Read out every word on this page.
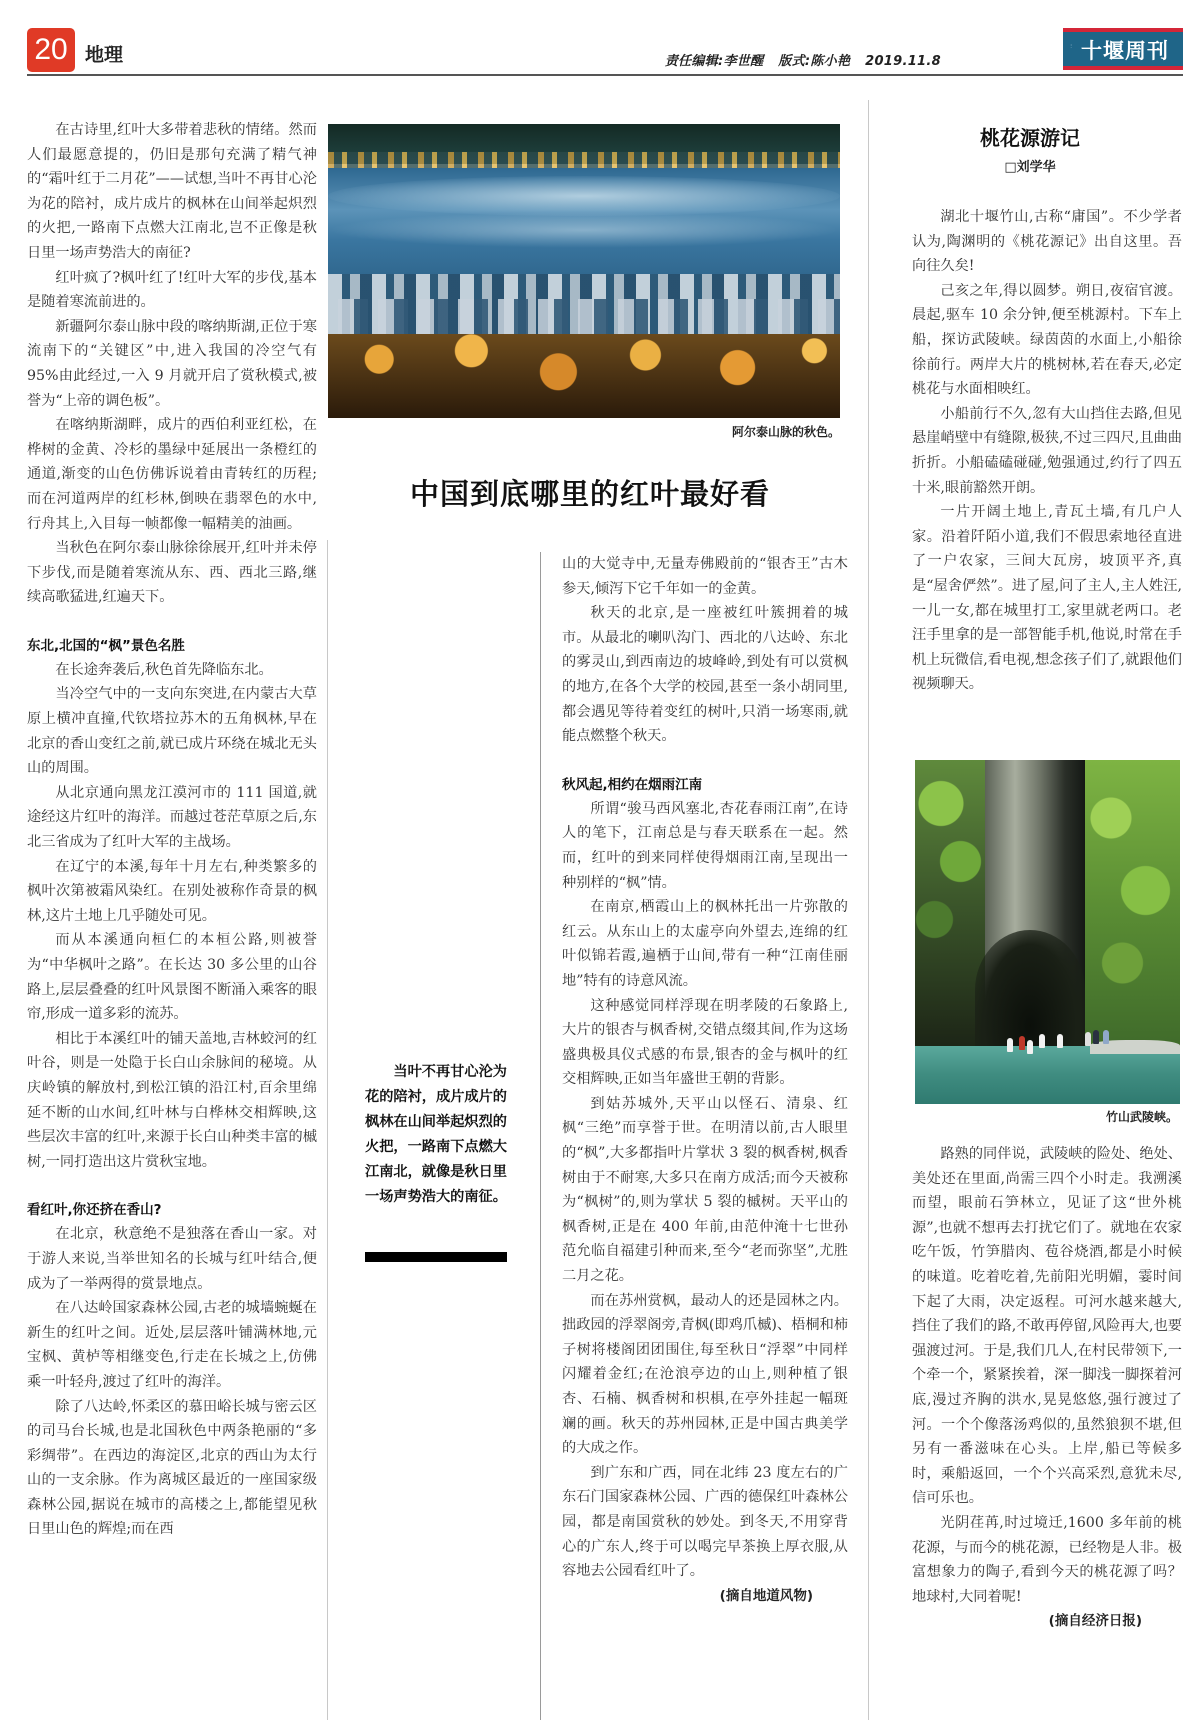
20 地理	责任编辑:李世醒 版式:陈小艳 2019.11.8
⋮ 十堰周刊

在古诗里,红叶大多带着悲秋的情绪。然而人们最愿意提的，仍旧是那句充满了精气神的“霜叶红于二月花”——试想,当叶不再甘心沦为花的陪衬，成片成片的枫林在山间举起炽烈的火把,一路南下点燃大江南北,岂不正像是秋日里一场声势浩大的南征?

红叶疯了?枫叶红了!红叶大军的步伐,基本是随着寒流前进的。

新疆阿尔泰山脉中段的喀纳斯湖,正位于寒流南下的“关键区”中,进入我国的冷空气有 95%由此经过,一入 9 月就开启了赏秋模式,被誉为“上帝的调色板”。

在喀纳斯湖畔，成片的西伯利亚红松，在桦树的金黄、冷杉的墨绿中延展出一条橙红的通道,渐变的山色仿佛诉说着由青转红的历程;而在河道两岸的红杉林,倒映在翡翠色的水中,行舟其上,入目每一帧都像一幅精美的油画。

当秋色在阿尔泰山脉徐徐展开,红叶并未停下步伐,而是随着寒流从东、西、西北三路,继续高歌猛进,红遍天下。

东北,北国的“枫”景色名胜

在长途奔袭后,秋色首先降临东北。

当冷空气中的一支向东突进,在内蒙古大草原上横冲直撞,代钦塔拉苏木的五角枫林,早在北京的香山变红之前,就已成片环绕在城北无头山的周围。

从北京通向黑龙江漠河市的 111 国道,就途经这片红叶的海洋。而越过苍茫草原之后,东北三省成为了红叶大军的主战场。

在辽宁的本溪,每年十月左右,种类繁多的枫叶次第被霜风染红。在别处被称作奇景的枫林,这片土地上几乎随处可见。

而从本溪通向桓仁的本桓公路,则被誉为“中华枫叶之路”。在长达 30 多公里的山谷路上,层层叠叠的红叶风景图不断涌入乘客的眼帘,形成一道多彩的流苏。

相比于本溪红叶的铺天盖地,吉林蛟河的红叶谷，则是一处隐于长白山余脉间的秘境。从庆岭镇的解放村,到松江镇的沿江村,百余里绵延不断的山水间,红叶林与白桦林交相辉映,这些层次丰富的红叶,来源于长白山种类丰富的槭树,一同打造出这片赏秋宝地。

看红叶,你还挤在香山?

在北京，秋意绝不是独落在香山一家。对于游人来说,当举世知名的长城与红叶结合,便成为了一举两得的赏景地点。

在八达岭国家森林公园,古老的城墙蜿蜒在新生的红叶之间。近处,层层落叶铺满林地,元宝枫、黄栌等相继变色,行走在长城之上,仿佛乘一叶轻舟,渡过了红叶的海洋。

除了八达岭,怀柔区的慕田峪长城与密云区的司马台长城,也是北国秋色中两条艳丽的“多彩绸带”。在西边的海淀区,北京的西山为太行山的一支余脉。作为离城区最近的一座国家级森林公园,据说在城市的高楼之上,都能望见秋日里山色的辉煌;而在西

阿尔泰山脉的秋色。
中国到底哪里的红叶最好看
当叶不再甘心沦为花的陪衬，成片成片的枫林在山间举起炽烈的火把，一路南下点燃大江南北，就像是秋日里一场声势浩大的南征。

山的大觉寺中,无量寿佛殿前的“银杏王”古木参天,倾泻下它千年如一的金黄。

秋天的北京,是一座被红叶簇拥着的城市。从最北的喇叭沟门、西北的八达岭、东北的雾灵山,到西南边的坡峰岭,到处有可以赏枫的地方,在各个大学的校园,甚至一条小胡同里,都会遇见等待着变红的树叶,只消一场寒雨,就能点燃整个秋天。

秋风起,相约在烟雨江南

所谓“骏马西风塞北,杏花春雨江南”,在诗人的笔下，江南总是与春天联系在一起。然而，红叶的到来同样使得烟雨江南,呈现出一种别样的“枫”情。

在南京,栖霞山上的枫林托出一片弥散的红云。从东山上的太虚亭向外望去,连绵的红叶似锦若霞,遍栖于山间,带有一种“江南佳丽地”特有的诗意风流。

这种感觉同样浮现在明孝陵的石象路上,大片的银杏与枫香树,交错点缀其间,作为这场盛典极具仪式感的布景,银杏的金与枫叶的红交相辉映,正如当年盛世王朝的背影。

到姑苏城外,天平山以怪石、清泉、红枫“三绝”而享誉于世。在明清以前,古人眼里的“枫”,大多都指叶片掌状 3 裂的枫香树,枫香树由于不耐寒,大多只在南方成活;而今天被称为“枫树”的,则为掌状 5 裂的槭树。天平山的枫香树,正是在 400 年前,由范仲淹十七世孙范允临自福建引种而来,至今“老而弥坚”,尤胜二月之花。

而在苏州赏枫，最动人的还是园林之内。拙政园的浮翠阁旁,青枫(即鸡爪槭)、梧桐和柿子树将楼阁团团围住,每至秋日“浮翠”中同样闪耀着金红;在沧浪亭边的山上,则种植了银杏、石楠、枫香树和枳椇,在亭外挂起一幅斑斓的画。秋天的苏州园林,正是中国古典美学的大成之作。

到广东和广西，同在北纬 23 度左右的广东石门国家森林公园、广西的德保红叶森林公园，都是南国赏秋的妙处。到冬天,不用穿背心的广东人,终于可以喝完早茶换上厚衣服,从容地去公园看红叶了。

(摘自地道风物)

桃花源游记
□刘学华

湖北十堰竹山,古称“庸国”。不少学者认为,陶渊明的《桃花源记》出自这里。吾向往久矣!

己亥之年,得以圆梦。朔日,夜宿官渡。晨起,驱车 10 余分钟,便至桃源村。下车上船，探访武陵峡。绿茵茵的水面上,小船徐徐前行。两岸大片的桃树林,若在春天,必定桃花与水面相映红。

小船前行不久,忽有大山挡住去路,但见悬崖峭壁中有缝隙,极狭,不过三四尺,且曲曲折折。小船磕磕碰碰,勉强通过,约行了四五十米,眼前豁然开朗。

一片开阔土地上,青瓦土墙,有几户人家。沿着阡陌小道,我们不假思索地径直进了一户农家，三间大瓦房，坡顶平齐,真是“屋舍俨然”。进了屋,问了主人,主人姓汪,一儿一女,都在城里打工,家里就老两口。老汪手里拿的是一部智能手机,他说,时常在手机上玩微信,看电视,想念孩子们了,就跟他们视频聊天。

竹山武陵峡。

路熟的同伴说，武陵峡的险处、绝处、美处还在里面,尚需三四个小时走。我溯溪而望，眼前石笋林立，见证了这“世外桃源”,也就不想再去打扰它们了。就地在农家吃午饭，竹笋腊肉、苞谷烧酒,都是小时候的味道。吃着吃着,先前阳光明媚，霎时间下起了大雨，决定返程。可河水越来越大,挡住了我们的路,不敢再停留,风险再大,也要强渡过河。于是,我们几人,在村民带领下,一个牵一个，紧紧挨着，深一脚浅一脚探着河底,漫过齐胸的洪水,晃晃悠悠,强行渡过了河。一个个像落汤鸡似的,虽然狼狈不堪,但另有一番滋味在心头。上岸,船已等候多时，乘船返回，一个个兴高采烈,意犹未尽,信可乐也。

光阴荏苒,时过境迁,1600 多年前的桃花源，与而今的桃花源，已经物是人非。极富想象力的陶子,看到今天的桃花源了吗？地球村,大同着呢!

(摘自经济日报)
